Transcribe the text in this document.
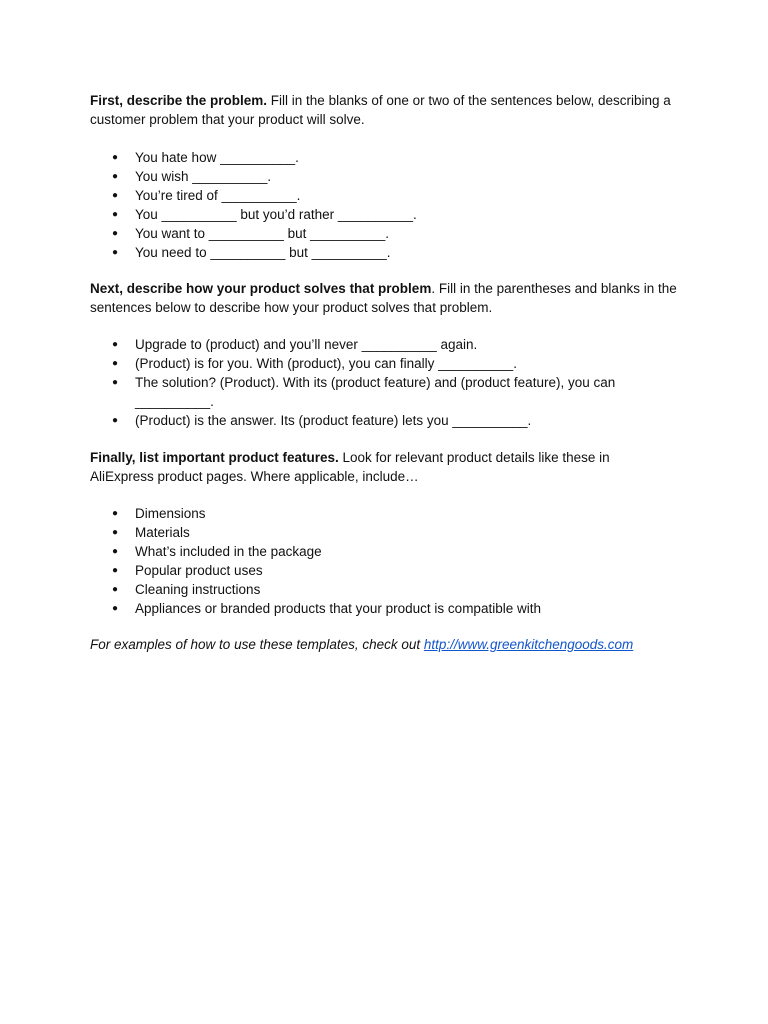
First, describe the problem. Fill in the blanks of one or two of the sentences below, describing a customer problem that your product will solve.

● You hate how __________.
● You wish __________.
● You’re tired of __________.
● You __________ but you’d rather __________.
● You want to __________ but __________.
● You need to __________ but __________.

Next, describe how your product solves that problem. Fill in the parentheses and blanks in the sentences below to describe how your product solves that problem.

● Upgrade to (product) and you’ll never __________ again.
● (Product) is for you. With (product), you can finally __________.
● The solution? (Product). With its (product feature) and (product feature), you can __________.
● (Product) is the answer. Its (product feature) lets you __________.

Finally, list important product features. Look for relevant product details like these in AliExpress product pages. Where applicable, include…

● Dimensions
● Materials
● What’s included in the package
● Popular product uses
● Cleaning instructions
● Appliances or branded products that your product is compatible with

For examples of how to use these templates, check out http://www.greenkitchengoods.com
